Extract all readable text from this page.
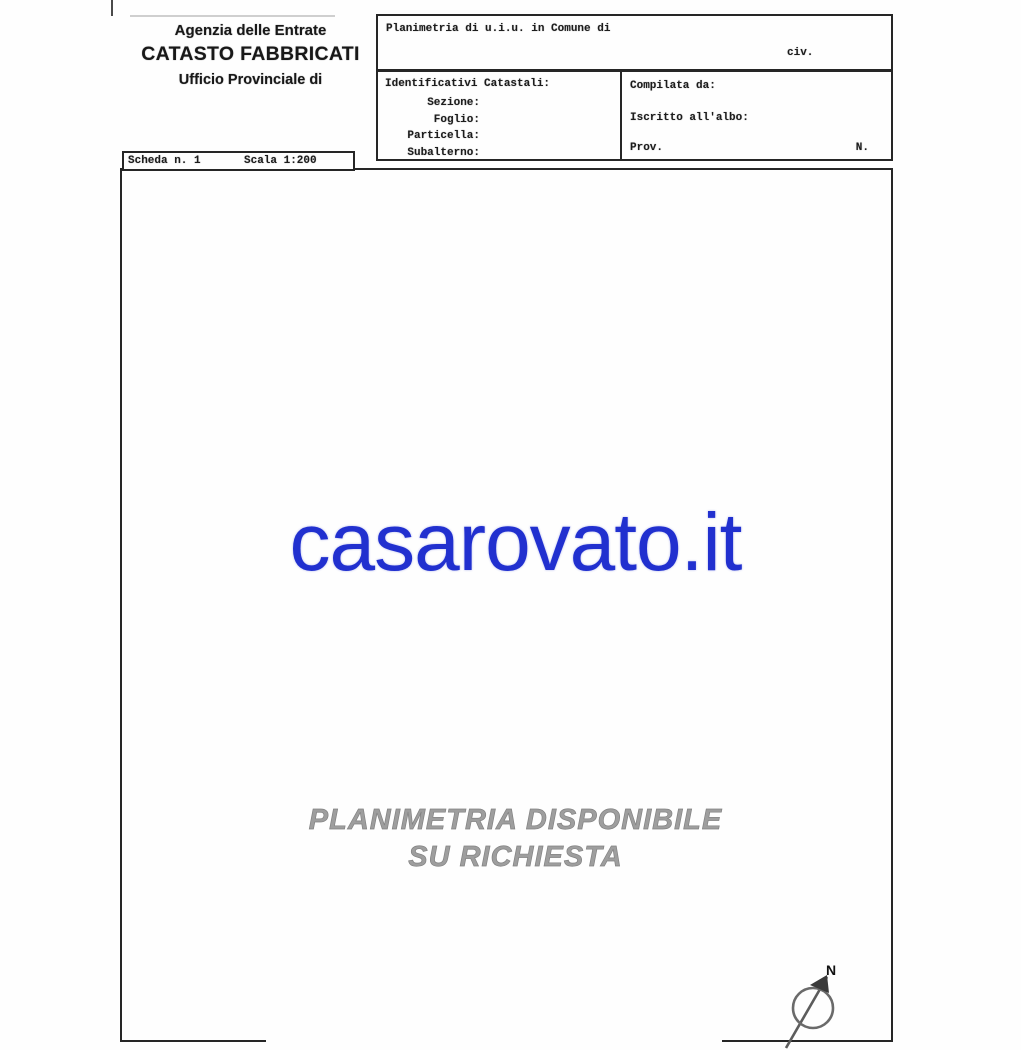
Agenzia delle Entrate
CATASTO FABBRICATI
Ufficio Provinciale di
Planimetria di u.i.u. in Comune di
civ.
Identificativi Catastali:
Sezione:
Foglio:
Particella:
Subalterno:
Compilata da:
Iscritto all'albo:
Prov.	N.
Scheda n. 1	Scala 1:200
casarovato.it
PLANIMETRIA DISPONIBILE
SU RICHIESTA
N
